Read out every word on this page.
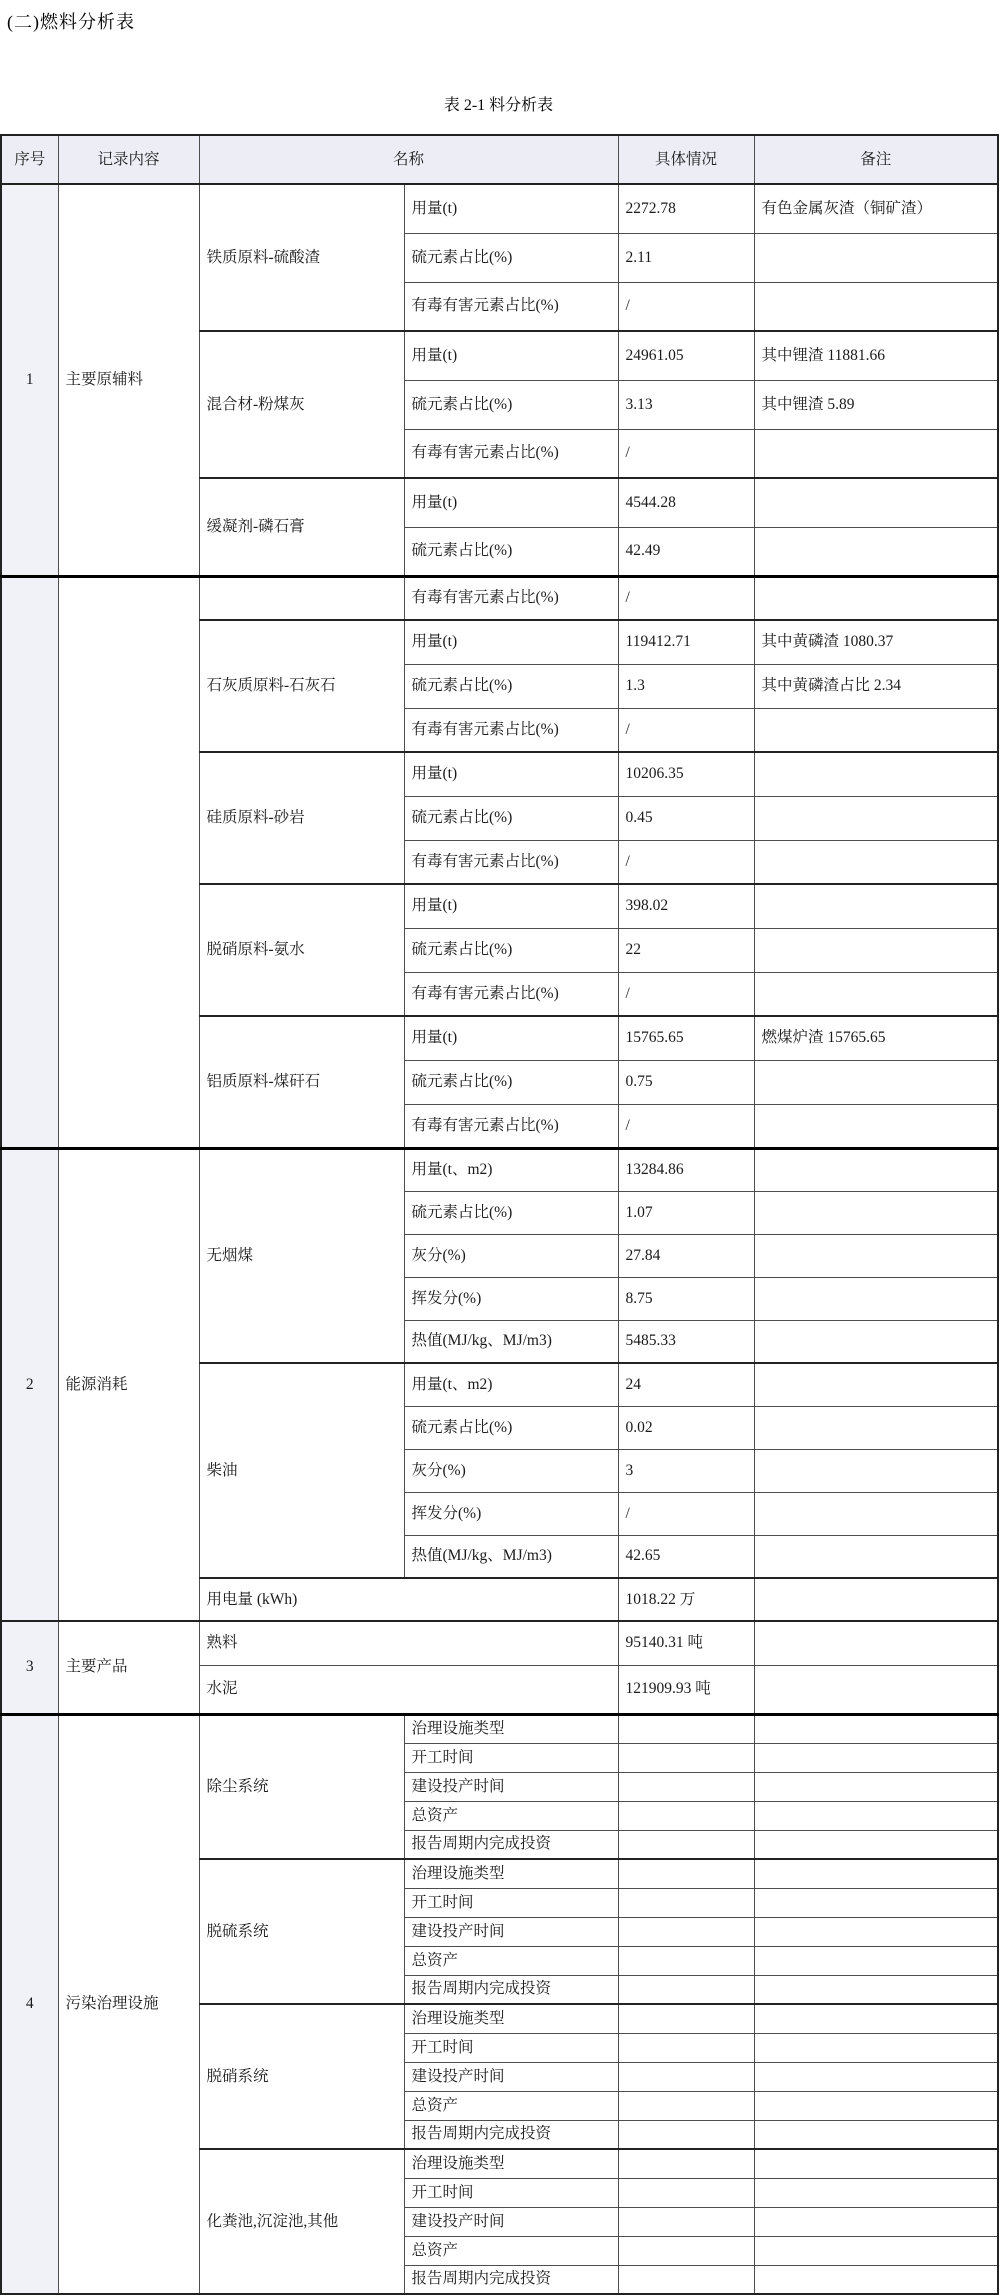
(二)燃料分析表
表 2-1 料分析表
序号	记录内容	名称		具体情况	备注
1	主要原辅料	铁质原料-硫酸渣	用量(t)	2272.78	有色金属灰渣（铜矿渣）
			硫元素占比(%)	2.11	
			有毒有害元素占比(%)	/	
		混合材-粉煤灰	用量(t)	24961.05	其中锂渣 11881.66
			硫元素占比(%)	3.13	其中锂渣 5.89
			有毒有害元素占比(%)	/	
		缓凝剂-磷石膏	用量(t)	4544.28	
			硫元素占比(%)	42.49	
			有毒有害元素占比(%)	/	
		石灰质原料-石灰石	用量(t)	119412.71	其中黄磷渣 1080.37
			硫元素占比(%)	1.3	其中黄磷渣占比 2.34
			有毒有害元素占比(%)	/	
		硅质原料-砂岩	用量(t)	10206.35	
			硫元素占比(%)	0.45	
			有毒有害元素占比(%)	/	
		脱硝原料-氨水	用量(t)	398.02	
			硫元素占比(%)	22	
			有毒有害元素占比(%)	/	
		铝质原料-煤矸石	用量(t)	15765.65	燃煤炉渣 15765.65
			硫元素占比(%)	0.75	
			有毒有害元素占比(%)	/	
2	能源消耗	无烟煤	用量(t、m2)	13284.86	
			硫元素占比(%)	1.07	
			灰分(%)	27.84	
			挥发分(%)	8.75	
			热值(MJ/kg、MJ/m3)	5485.33	
		柴油	用量(t、m2)	24	
			硫元素占比(%)	0.02	
			灰分(%)	3	
			挥发分(%)	/	
			热值(MJ/kg、MJ/m3)	42.65	
		用电量 (kWh)		1018.22 万	
3	主要产品	熟料		95140.31 吨	
		水泥		121909.93 吨	
4	污染治理设施	除尘系统	治理设施类型		
			开工时间		
			建设投产时间		
			总资产		
			报告周期内完成投资		
		脱硫系统	治理设施类型		
			开工时间		
			建设投产时间		
			总资产		
			报告周期内完成投资		
		脱硝系统	治理设施类型		
			开工时间		
			建设投产时间		
			总资产		
			报告周期内完成投资		
		化粪池,沉淀池,其他	治理设施类型		
			开工时间		
			建设投产时间		
			总资产		
			报告周期内完成投资		
